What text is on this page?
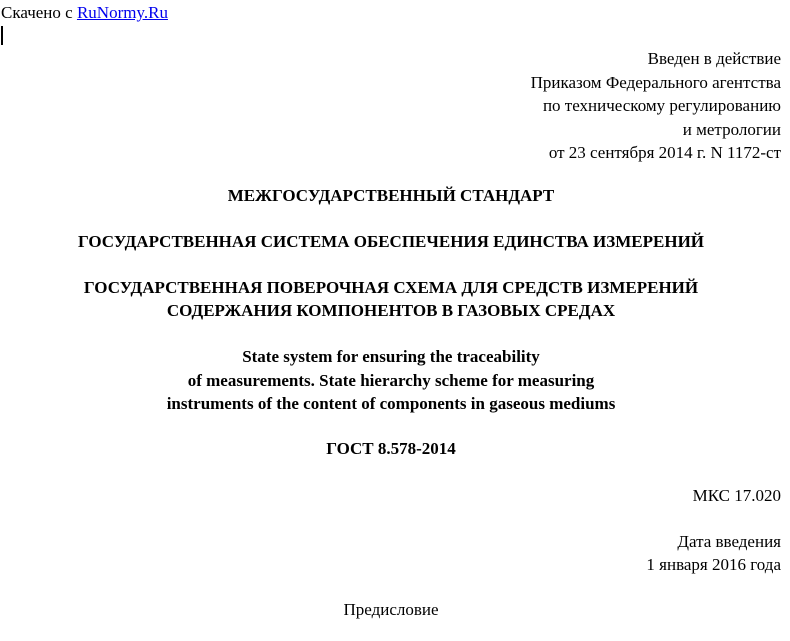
Скачено с RuNormy.Ru
Введен в действие
Приказом Федерального агентства
по техническому регулированию
и метрологии
от 23 сентября 2014 г. N 1172-ст
МЕЖГОСУДАРСТВЕННЫЙ СТАНДАРТ
ГОСУДАРСТВЕННАЯ СИСТЕМА ОБЕСПЕЧЕНИЯ ЕДИНСТВА ИЗМЕРЕНИЙ
ГОСУДАРСТВЕННАЯ ПОВЕРОЧНАЯ СХЕМА ДЛЯ СРЕДСТВ ИЗМЕРЕНИЙ
СОДЕРЖАНИЯ КОМПОНЕНТОВ В ГАЗОВЫХ СРЕДАХ
State system for ensuring the traceability
of measurements. State hierarchy scheme for measuring
instruments of the content of components in gaseous mediums
ГОСТ 8.578-2014
МКС 17.020
Дата введения
1 января 2016 года
Предисловие
